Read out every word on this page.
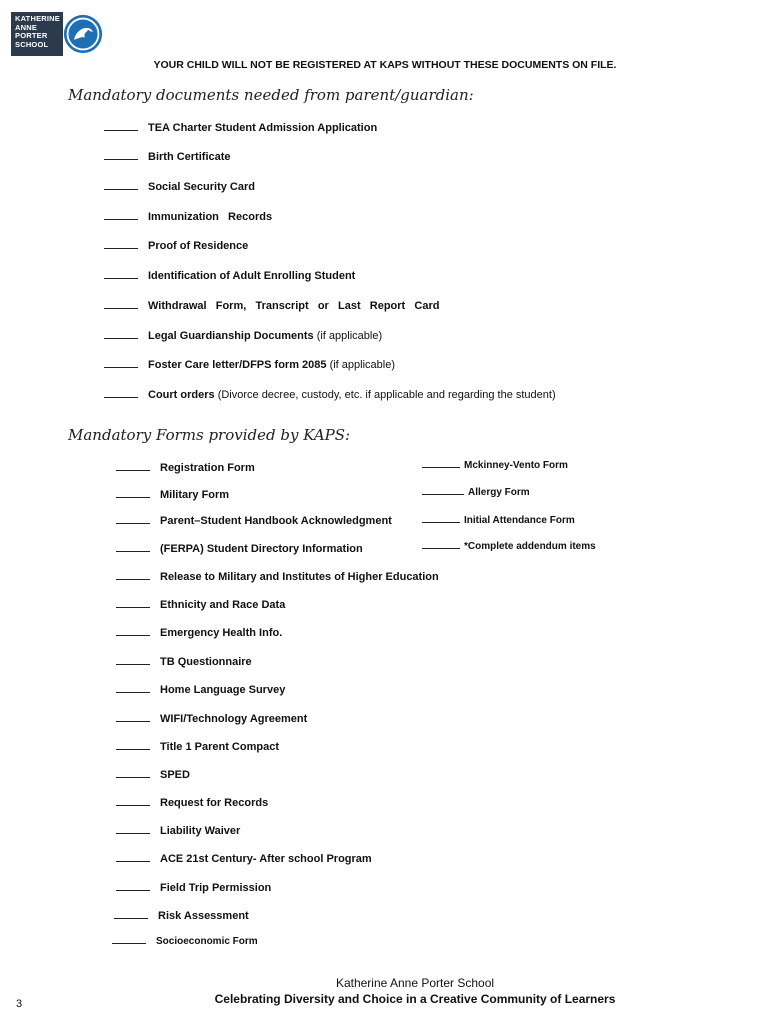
KATHERINE
ANNE
PORTER
SCHOOL
YOUR CHILD WILL NOT BE REGISTERED AT KAPS WITHOUT THESE DOCUMENTS ON FILE.
Mandatory documents needed from parent/guardian:
TEA Charter Student Admission Application
Birth Certificate
Social Security Card
Immunization   Records
Proof of Residence
Identification of Adult Enrolling Student
Withdrawal   Form,   Transcript   or   Last   Report   Card
Legal Guardianship Documents (if applicable)
Foster Care letter/DFPS form 2085 (if applicable)
Court orders (Divorce decree, custody, etc. if applicable and regarding the student)
Mandatory Forms provided by KAPS:
Registration Form
Military Form
Parent–Student Handbook Acknowledgment
(FERPA) Student Directory Information
Release to Military and Institutes of Higher Education
Ethnicity and Race Data
Emergency Health Info.
TB Questionnaire
Home Language Survey
WIFI/Technology Agreement
Title 1 Parent Compact
SPED
Request for Records
Liability Waiver
ACE 21st Century- After school Program
Field Trip Permission
Risk Assessment
Socioeconomic Form
Mckinney-Vento Form
Allergy Form
Initial Attendance Form
*Complete addendum items
Katherine Anne Porter School
Celebrating Diversity and Choice in a Creative Community of Learners
3
